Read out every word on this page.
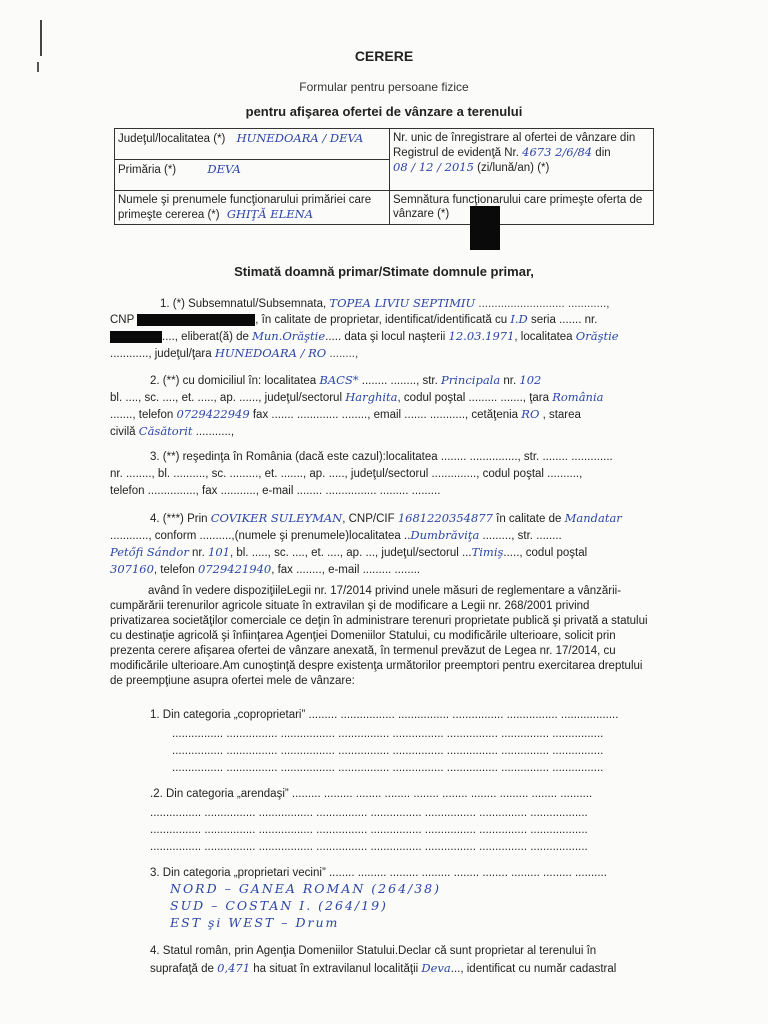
CERERE
Formular pentru persoane fizice
pentru afişarea ofertei de vânzare a terenului
Judeţul/localitatea (*) HUNEDOARA / DEVA	Nr. unic de înregistrare al ofertei de vânzare din
Registrul de evidenţă Nr. 4673 2/6/84 din
08 / 12 / 2015 (zi/lună/an) (*)

Primăria (*) DEVA	
Numele şi prenumele funcţionarului primăriei care primeşte cererea (*) GHIŢĂ ELENA	Semnătura funcţionarului care primeşte oferta de vânzare (*)
Stimată doamnă primar/Stimate domnule primar,
1. (*) Subsemnatul/Subsemnata, TOPEA LIVIU SEPTIMIU ........................... ............,
CNP	, în calitate de proprietar, identificat/identificată cu I.D seria ....... nr.
...., eliberat(ă) de Mun.Orăştie..... data şi locul naşterii 12.03.1971, localitatea Orăştie
............, judeţul/ţara HUNEDOARA / RO ........,
2. (**) cu domiciliul în: localitatea BACS* ........ ........, str. Principala nr. 102
bl. ...., sc. ...., et. ....., ap. ......, judeţul/sectorul Harghita, codul poştal ......... ......., ţara România
......., telefon 0729422949 fax ....... ............. ........, email ....... ..........., cetăţenia RO , starea
civilă Căsătorit ...........,
3. (**) reşedinţa în România (dacă este cazul):localitatea ........ ..............., str. ........ .............
nr. ........, bl. .........., sc. ........., et. ......., ap. ....., judeţul/sectorul .............., codul poştal ..........,
telefon ..............., fax ..........., e-mail ........ ................ ......... .........
4. (***) Prin COVIKER SULEYMAN, CNP/CIF 1681220354877 în calitate de Mandatar
............, conform ..........,(numele şi prenumele)localitatea ..Dumbrăviţa ........., str. ........
Petőfi Sándor nr. 101, bl. ....., sc. ...., et. ...., ap. ..., judeţul/sectorul ...Timiş....., codul poştal
307160, telefon 0729421940, fax ........, e-mail ......... ........
având în vedere dispoziţiileLegii nr. 17/2014 privind unele măsuri de reglementare a vânzării-cumpărării terenurilor agricole situate în extravilan şi de modificare a Legii nr. 268/2001 privind privatizarea societăţilor comerciale ce deţin în administrare terenuri proprietate publică şi privată a statului cu destinaţie agricolă şi înfiinţarea Agenţiei Domeniilor Statului, cu modificările ulterioare, solicit prin prezenta cerere afişarea ofertei de vânzare anexată, în termenul prevăzut de Legea nr. 17/2014, cu modificările ulterioare.Am cunoştinţă despre existenţa următorilor preemptori pentru exercitarea dreptului de preempţiune asupra ofertei mele de vânzare:
1. Din categoria „coproprietari” ......... ................. ................ ................ ................ ..................
................ ................ ................. ................ ................ ................ ............... ................
................ ................ ................. ................ ................ ................ ............... ................
................ ................ ................. ................ ................ ................ ............... ................
.2. Din categoria „arendaşi” ......... ......... ........ ........ ........ ........ ........ ......... ........ ..........
................ ................ ................. ................ ................ ................ ............... ..................
................ ................ ................. ................ ................ ................ ............... ..................
................ ................ ................. ................ ................ ................ ............... ..................
3. Din categoria „proprietari vecini” ........ ......... ......... ......... ........ ........ ......... ......... ..........
NORD – GANEA ROMAN (264/38)
SUD – COSTAN I. (264/19)
EST şi WEST – Drum
4. Statul român, prin Agenţia Domeniilor Statului.Declar că sunt proprietar al terenului în
suprafaţă de 0,471 ha situat în extravilanul localităţii Deva..., identificat cu număr cadastral
